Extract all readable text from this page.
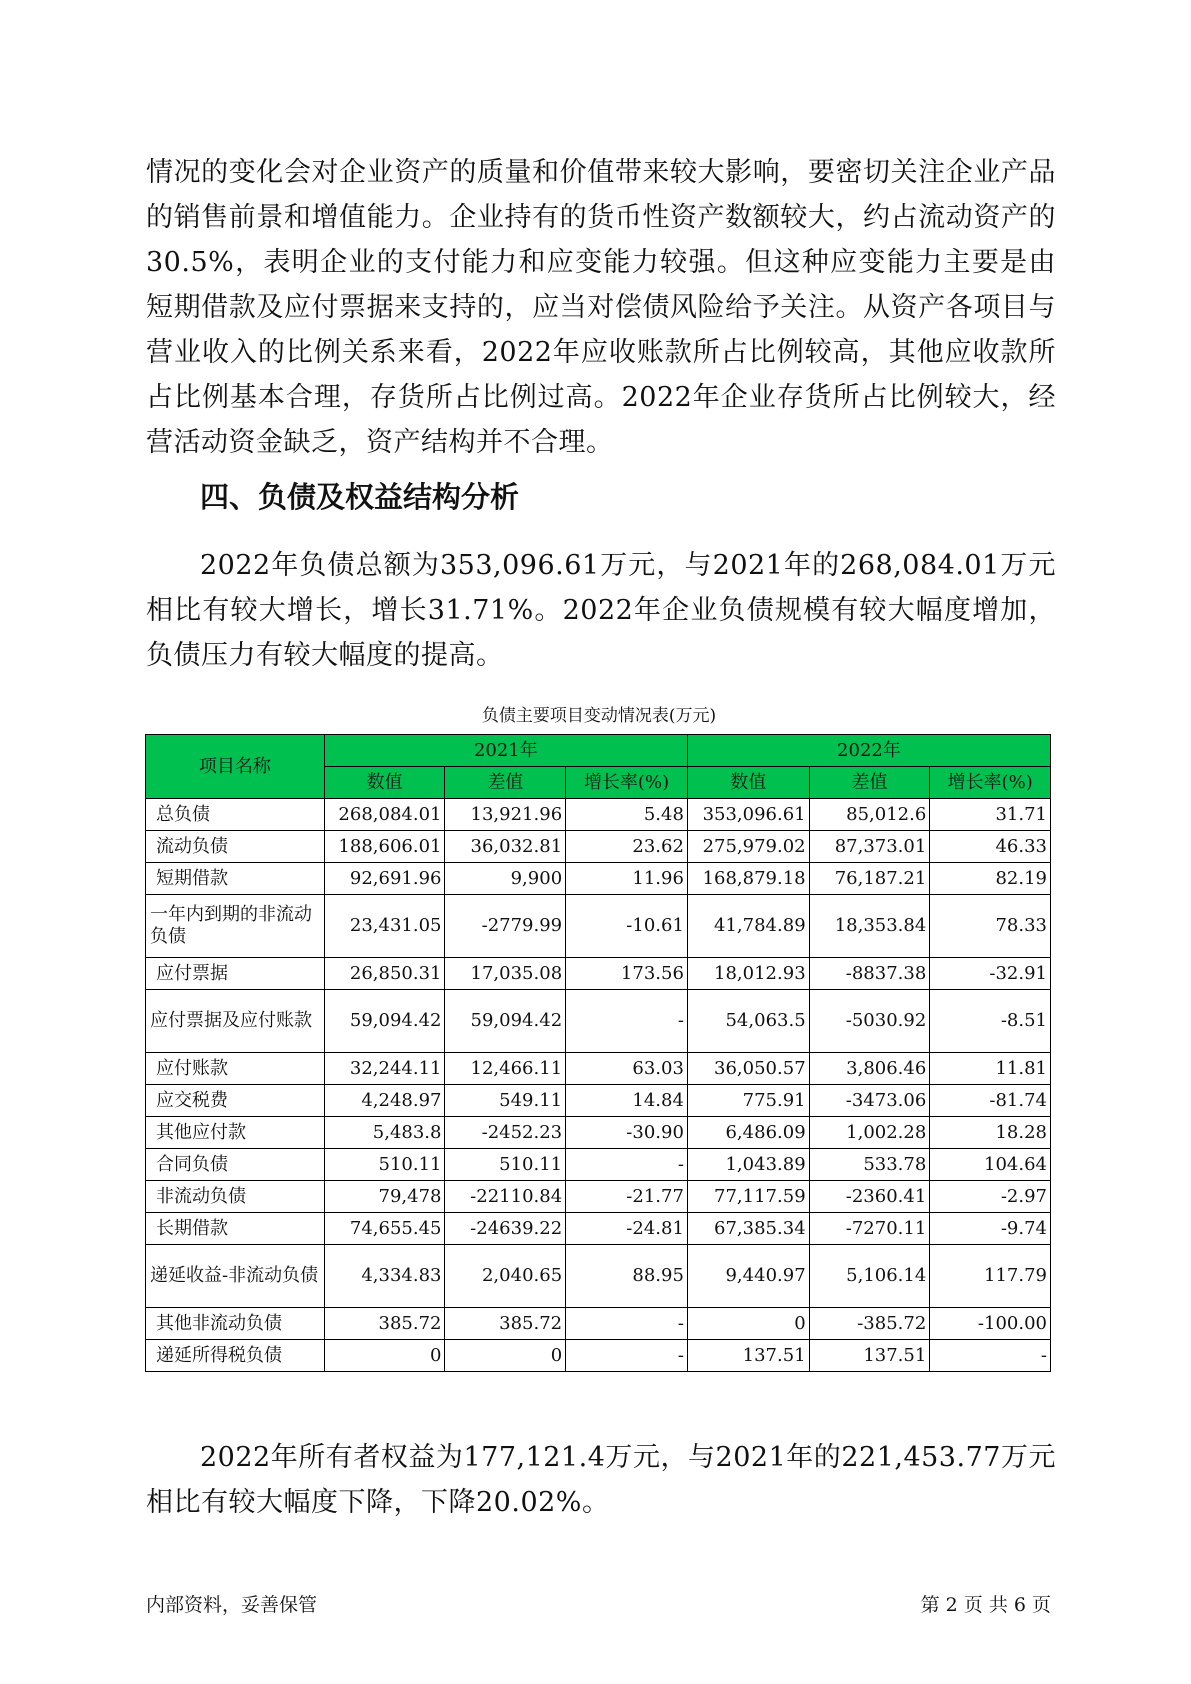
情况的变化会对企业资产的质量和价值带来较大影响，要密切关注企业产品的销售前景和增值能力。企业持有的货币性资产数额较大，约占流动资产的30.5%，表明企业的支付能力和应变能力较强。但这种应变能力主要是由短期借款及应付票据来支持的，应当对偿债风险给予关注。从资产各项目与营业收入的比例关系来看，2022年应收账款所占比例较高，其他应收款所占比例基本合理，存货所占比例过高。2022年企业存货所占比例较大，经营活动资金缺乏，资产结构并不合理。

四、负债及权益结构分析

2022年负债总额为353,096.61万元，与2021年的268,084.01万元相比有较大增长，增长31.71%。2022年企业负债规模有较大幅度增加，负债压力有较大幅度的提高。

负债主要项目变动情况表(万元)
项目名称	2021年			2022年		
	数值	差值	增长率(%)	数值	差值	增长率(%)
总负债	268,084.01	13,921.96	5.48	353,096.61	85,012.6	31.71
流动负债	188,606.01	36,032.81	23.62	275,979.02	87,373.01	46.33
短期借款	92,691.96	9,900	11.96	168,879.18	76,187.21	82.19
一年内到期的非流动负债	23,431.05	-2779.99	-10.61	41,784.89	18,353.84	78.33
应付票据	26,850.31	17,035.08	173.56	18,012.93	-8837.38	-32.91
应付票据及应付账款	59,094.42	59,094.42	-	54,063.5	-5030.92	-8.51
应付账款	32,244.11	12,466.11	63.03	36,050.57	3,806.46	11.81
应交税费	4,248.97	549.11	14.84	775.91	-3473.06	-81.74
其他应付款	5,483.8	-2452.23	-30.90	6,486.09	1,002.28	18.28
合同负债	510.11	510.11	-	1,043.89	533.78	104.64
非流动负债	79,478	-22110.84	-21.77	77,117.59	-2360.41	-2.97
长期借款	74,655.45	-24639.22	-24.81	67,385.34	-7270.11	-9.74
递延收益-非流动负债	4,334.83	2,040.65	88.95	9,440.97	5,106.14	117.79
其他非流动负债	385.72	385.72	-	0	-385.72	-100.00
递延所得税负债	0	0	-	137.51	137.51	-

2022年所有者权益为177,121.4万元，与2021年的221,453.77万元相比有较大幅度下降，下降20.02%。

内部资料，妥善保管	第 2 页 共 6 页
